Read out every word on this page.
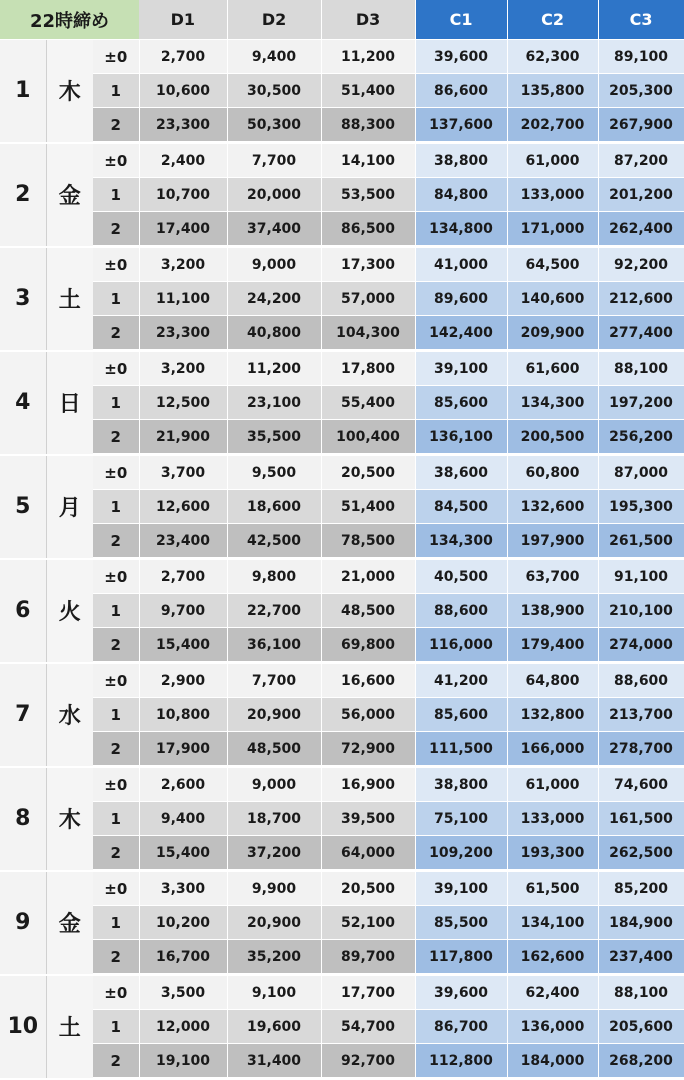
22時締め			D1	D2	D3	C1	C2	C3
1	木	±0	2,700	9,400	11,200	39,600	62,300	89,100
		1	10,600	30,500	51,400	86,600	135,800	205,300
		2	23,300	50,300	88,300	137,600	202,700	267,900
2	金	±0	2,400	7,700	14,100	38,800	61,000	87,200
		1	10,700	20,000	53,500	84,800	133,000	201,200
		2	17,400	37,400	86,500	134,800	171,000	262,400
3	土	±0	3,200	9,000	17,300	41,000	64,500	92,200
		1	11,100	24,200	57,000	89,600	140,600	212,600
		2	23,300	40,800	104,300	142,400	209,900	277,400
4	日	±0	3,200	11,200	17,800	39,100	61,600	88,100
		1	12,500	23,100	55,400	85,600	134,300	197,200
		2	21,900	35,500	100,400	136,100	200,500	256,200
5	月	±0	3,700	9,500	20,500	38,600	60,800	87,000
		1	12,600	18,600	51,400	84,500	132,600	195,300
		2	23,400	42,500	78,500	134,300	197,900	261,500
6	火	±0	2,700	9,800	21,000	40,500	63,700	91,100
		1	9,700	22,700	48,500	88,600	138,900	210,100
		2	15,400	36,100	69,800	116,000	179,400	274,000
7	水	±0	2,900	7,700	16,600	41,200	64,800	88,600
		1	10,800	20,900	56,000	85,600	132,800	213,700
		2	17,900	48,500	72,900	111,500	166,000	278,700
8	木	±0	2,600	9,000	16,900	38,800	61,000	74,600
		1	9,400	18,700	39,500	75,100	133,000	161,500
		2	15,400	37,200	64,000	109,200	193,300	262,500
9	金	±0	3,300	9,900	20,500	39,100	61,500	85,200
		1	10,200	20,900	52,100	85,500	134,100	184,900
		2	16,700	35,200	89,700	117,800	162,600	237,400
10	土	±0	3,500	9,100	17,700	39,600	62,400	88,100
		1	12,000	19,600	54,700	86,700	136,000	205,600
		2	19,100	31,400	92,700	112,800	184,000	268,200
